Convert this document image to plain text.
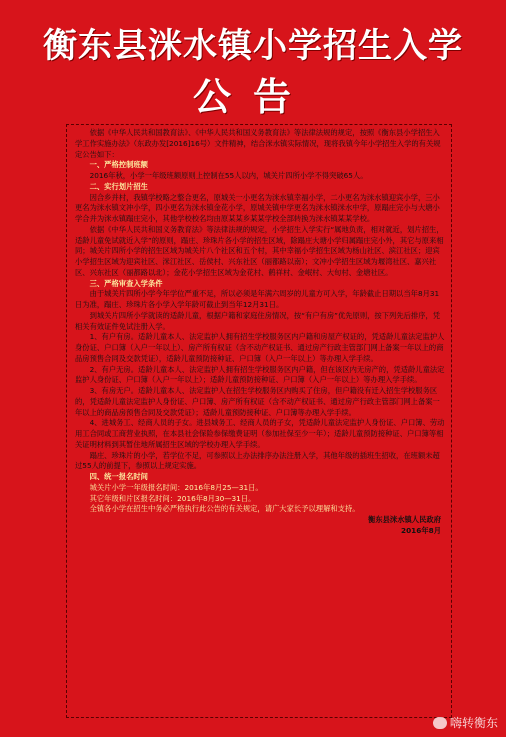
衡东县洣水镇小学招生入学
公告

依据《中华人民共和国教育法》、《中华人民共和国义务教育法》等法律法规的规定，按照《衡东县小学招生入学工作实施办法》（东政办发[2016]16号）文件精神，结合洣水镇实际情况，现将我镇今年小学招生入学的有关规定公告如下：

一、严格控制班额

2016年秋，小学一年级班额原则上控制在55人以内，城关片四所小学不得突破65人。

二、实行划片招生

因合乡并村，我镇学校略之整合更名，原城关一小更名为洣水镇幸福小学，二小更名为洣水镇迎宾小学，三小更名为洣水镇文冲小学，四小更名为洣水镇金花小学，原城关镇中学更名为洣水镇洣水中学，原蹋庄完小与大塘小学合并为洣水镇蹋庄完小，其他学校校名均由原某某乡某某学校全部转换为洣水镇某某学校。

依据《中华人民共和国义务教育法》等法律法规的规定，小学招生入学实行“属地负责，相对就近，划片招生，适龄儿童免试就近入学”的原则，蹋庄、珍珠片各小学的招生区域，除蹋庄大塘小学归属蹋庄完小外，其它与原来相同；城关片四所小学的招生区域为城关片八个社区和五个村，其中幸福小学招生区域为杨山社区、滨江社区；迎宾小学招生区域为迎宾社区、洣江社区、岳侯村、兴东社区（丽都路以南）；文冲小学招生区域为堰湾社区、嘉兴社区、兴东社区（丽都路以北）；金花小学招生区域为金花村、鹤祥村、金岷村、大旬村、金塘社区。

三、严格审查入学条件

由于城关片四所小学今年学位严重不足，所以必须是年满六周岁的儿童方可入学，年龄截止日期以当年8月31日为准，蹋庄、珍珠片各小学入学年龄可截止到当年12月31日。

到城关片四所小学就读的适龄儿童，根据户籍和家庭住房情况，按“有户有房”优先原则，按下列先后排序，凭相关有效证件免试注册入学。

1、有户有房。适龄儿童本人、法定监护人拥有招生学校服务区内户籍和房屋产权证的，凭适龄儿童法定监护人身份证、户口簿（入户一年以上）、房产所有权证（含不动产权证书、通过房产行政主管部门网上备案一年以上的商品房预售合同及交款凭证），适龄儿童预防接种证、户口簿（入户一年以上）等办理入学手续。

2、有户无房。适龄儿童本人、法定监护人拥有招生学校服务区内户籍，但在该区内无房产的，凭适龄儿童法定监护人身份证、户口簿（入户一年以上）；适龄儿童预防接种证、户口簿（入户一年以上）等办理入学手续。

3、有房无户。适龄儿童本人、法定监护人在招生学校服务区内购买了住房，但户籍没有迁入招生学校服务区的，凭适龄儿童法定监护人身份证、户口簿、房产所有权证（含不动产权证书、通过房产行政主管部门网上备案一年以上的商品房预售合同及交款凭证）；适龄儿童预防接种证、户口簿等办理入学手续。

4、进城务工、经商人员的子女。进县城务工、经商人员的子女，凭适龄儿童法定监护人身份证、户口簿、劳动用工合同或工商营业执照，在本县社会保险参保缴费证明（参加社保至少一年）；适龄儿童预防接种证、户口簿等相关证明材料到其暂住地所属招生区域的学校办理入学手续。

蹋庄、珍珠片的小学，若学位不足，可参照以上办法排序办法注册入学，其他年级的插班生招收，在班额未超过55人的前提下，参照以上规定实施。

四、统一报名时间

城关片小学一年级报名时间：2016年8月25—31日。

其它年级和片区报名时间：2016年8月30—31日。

全镇各小学在招生中务必严格执行此公告的有关规定，请广大家长予以理解和支持。

衡东县洣水镇人民政府

2016年8月

嗨转衡东
